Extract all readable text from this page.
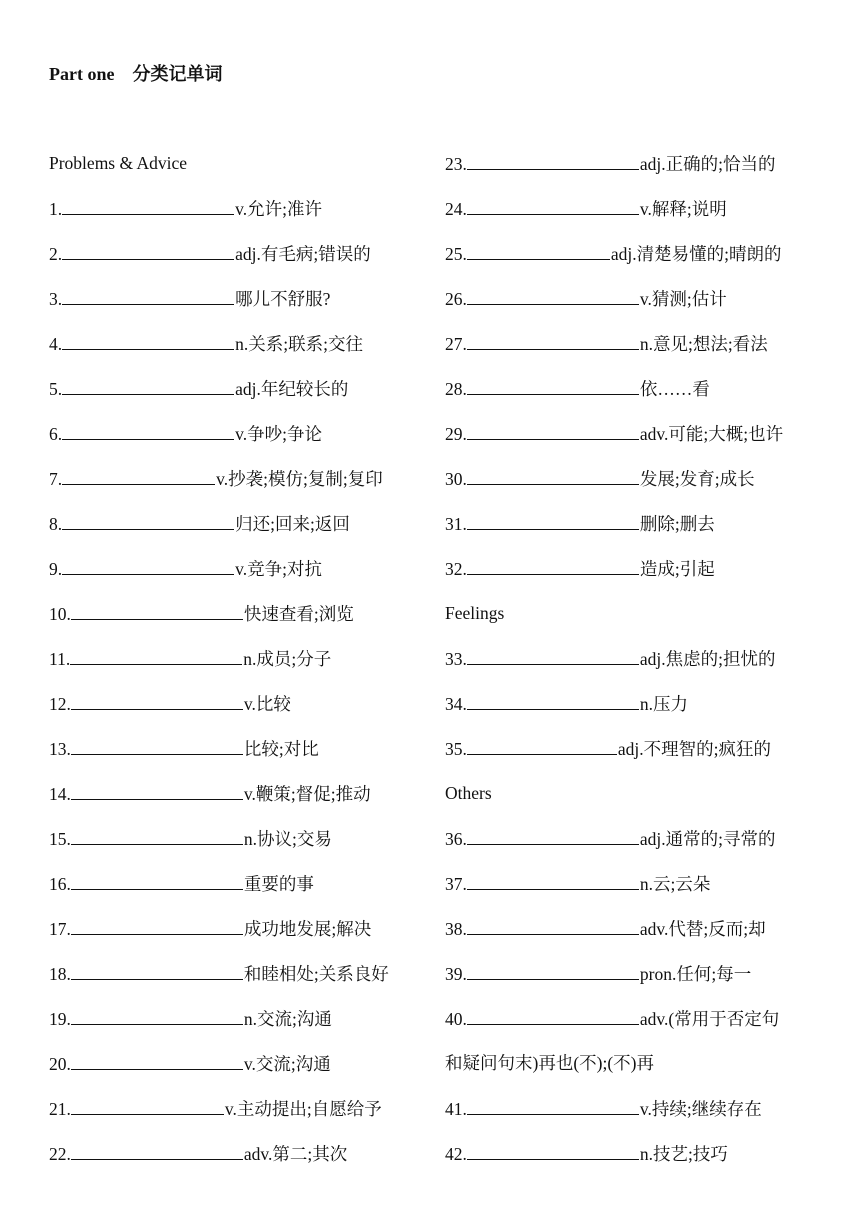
Part one 分类记单词
Problems & Advice
1.	v.允许;准许
2.	adj.有毛病;错误的
3.	哪儿不舒服?
4.	n.关系;联系;交往
5.	adj.年纪较长的
6.	v.争吵;争论
7.	v.抄袭;模仿;复制;复印
8.	归还;回来;返回
9.	v.竞争;对抗
10.	快速查看;浏览
11.	n.成员;分子
12.	v.比较
13.	比较;对比
14.	v.鞭策;督促;推动
15.	n.协议;交易
16.	重要的事
17.	成功地发展;解决
18.	和睦相处;关系良好
19.	n.交流;沟通
20.	v.交流;沟通
21.	v.主动提出;自愿给予
22.	adv.第二;其次
23.	adj.正确的;恰当的
24.	v.解释;说明
25.	adj.清楚易懂的;晴朗的
26.	v.猜测;估计
27.	n.意见;想法;看法
28.	依……看
29.	adv.可能;大概;也许
30.	发展;发育;成长
31.	删除;删去
32.	造成;引起
Feelings
33.	adj.焦虑的;担忧的
34.	n.压力
35.	adj.不理智的;疯狂的
Others
36.	adj.通常的;寻常的
37.	n.云;云朵
38.	adv.代替;反而;却
39.	pron.任何;每一
40.	adv.(常用于否定句
和疑问句末)再也(不);(不)再
41.	v.持续;继续存在
42.	n.技艺;技巧
